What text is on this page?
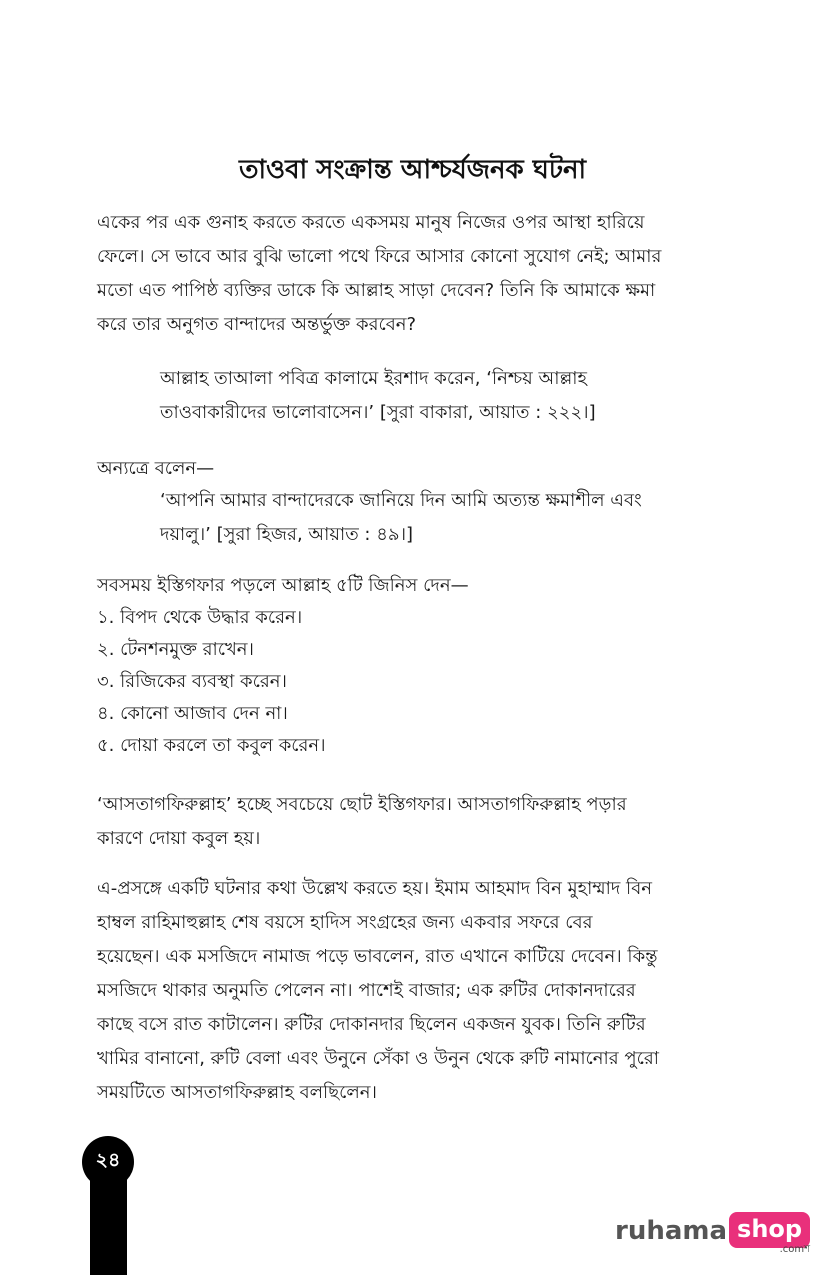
তাওবা সংক্রান্ত আশ্চর্যজনক ঘটনা
একের পর এক গুনাহ করতে করতে একসময় মানুষ নিজের ওপর আস্থা হারিয়ে
ফেলে। সে ভাবে আর বুঝি ভালো পথে ফিরে আসার কোনো সুযোগ নেই; আমার
মতো এত পাপিষ্ঠ ব্যক্তির ডাকে কি আল্লাহ সাড়া দেবেন? তিনি কি আমাকে ক্ষমা
করে তার অনুগত বান্দাদের অন্তর্ভুক্ত করবেন?
আল্লাহ তাআলা পবিত্র কালামে ইরশাদ করেন, ‘নিশ্চয় আল্লাহ
তাওবাকারীদের ভালোবাসেন।’ [সুরা বাকারা, আয়াত : ২২২।]
অন্যত্রে বলেন—
‘আপনি আমার বান্দাদেরকে জানিয়ে দিন আমি অত্যন্ত ক্ষমাশীল এবং
দয়ালু।’ [সুরা হিজর, আয়াত : ৪৯।]
সবসময় ইস্তিগফার পড়লে আল্লাহ ৫টি জিনিস দেন—
১. বিপদ থেকে উদ্ধার করেন।
২. টেনশনমুক্ত রাখেন।
৩. রিজিকের ব্যবস্থা করেন।
৪. কোনো আজাব দেন না।
৫. দোয়া করলে তা কবুল করেন।
‘আসতাগফিরুল্লাহ’ হচ্ছে সবচেয়ে ছোট ইস্তিগফার। আসতাগফিরুল্লাহ পড়ার
কারণে দোয়া কবুল হয়।
এ-প্রসঙ্গে একটি ঘটনার কথা উল্লেখ করতে হয়। ইমাম আহমাদ বিন মুহাম্মাদ বিন
হাম্বল রাহিমাহুল্লাহ শেষ বয়সে হাদিস সংগ্রহের জন্য একবার সফরে বের
হয়েছেন। এক মসজিদে নামাজ পড়ে ভাবলেন, রাত এখানে কাটিয়ে দেবেন। কিন্তু
মসজিদে থাকার অনুমতি পেলেন না। পাশেই বাজার; এক রুটির দোকানদারের
কাছে বসে রাত কাটালেন। রুটির দোকানদার ছিলেন একজন যুবক। তিনি রুটির
খামির বানানো, রুটি বেলা এবং উনুনে সেঁকা ও উনুন থেকে রুটি নামানোর পুরো
সময়টিতে আসতাগফিরুল্লাহ বলছিলেন।
২৪
ruhama shop
.comশ
